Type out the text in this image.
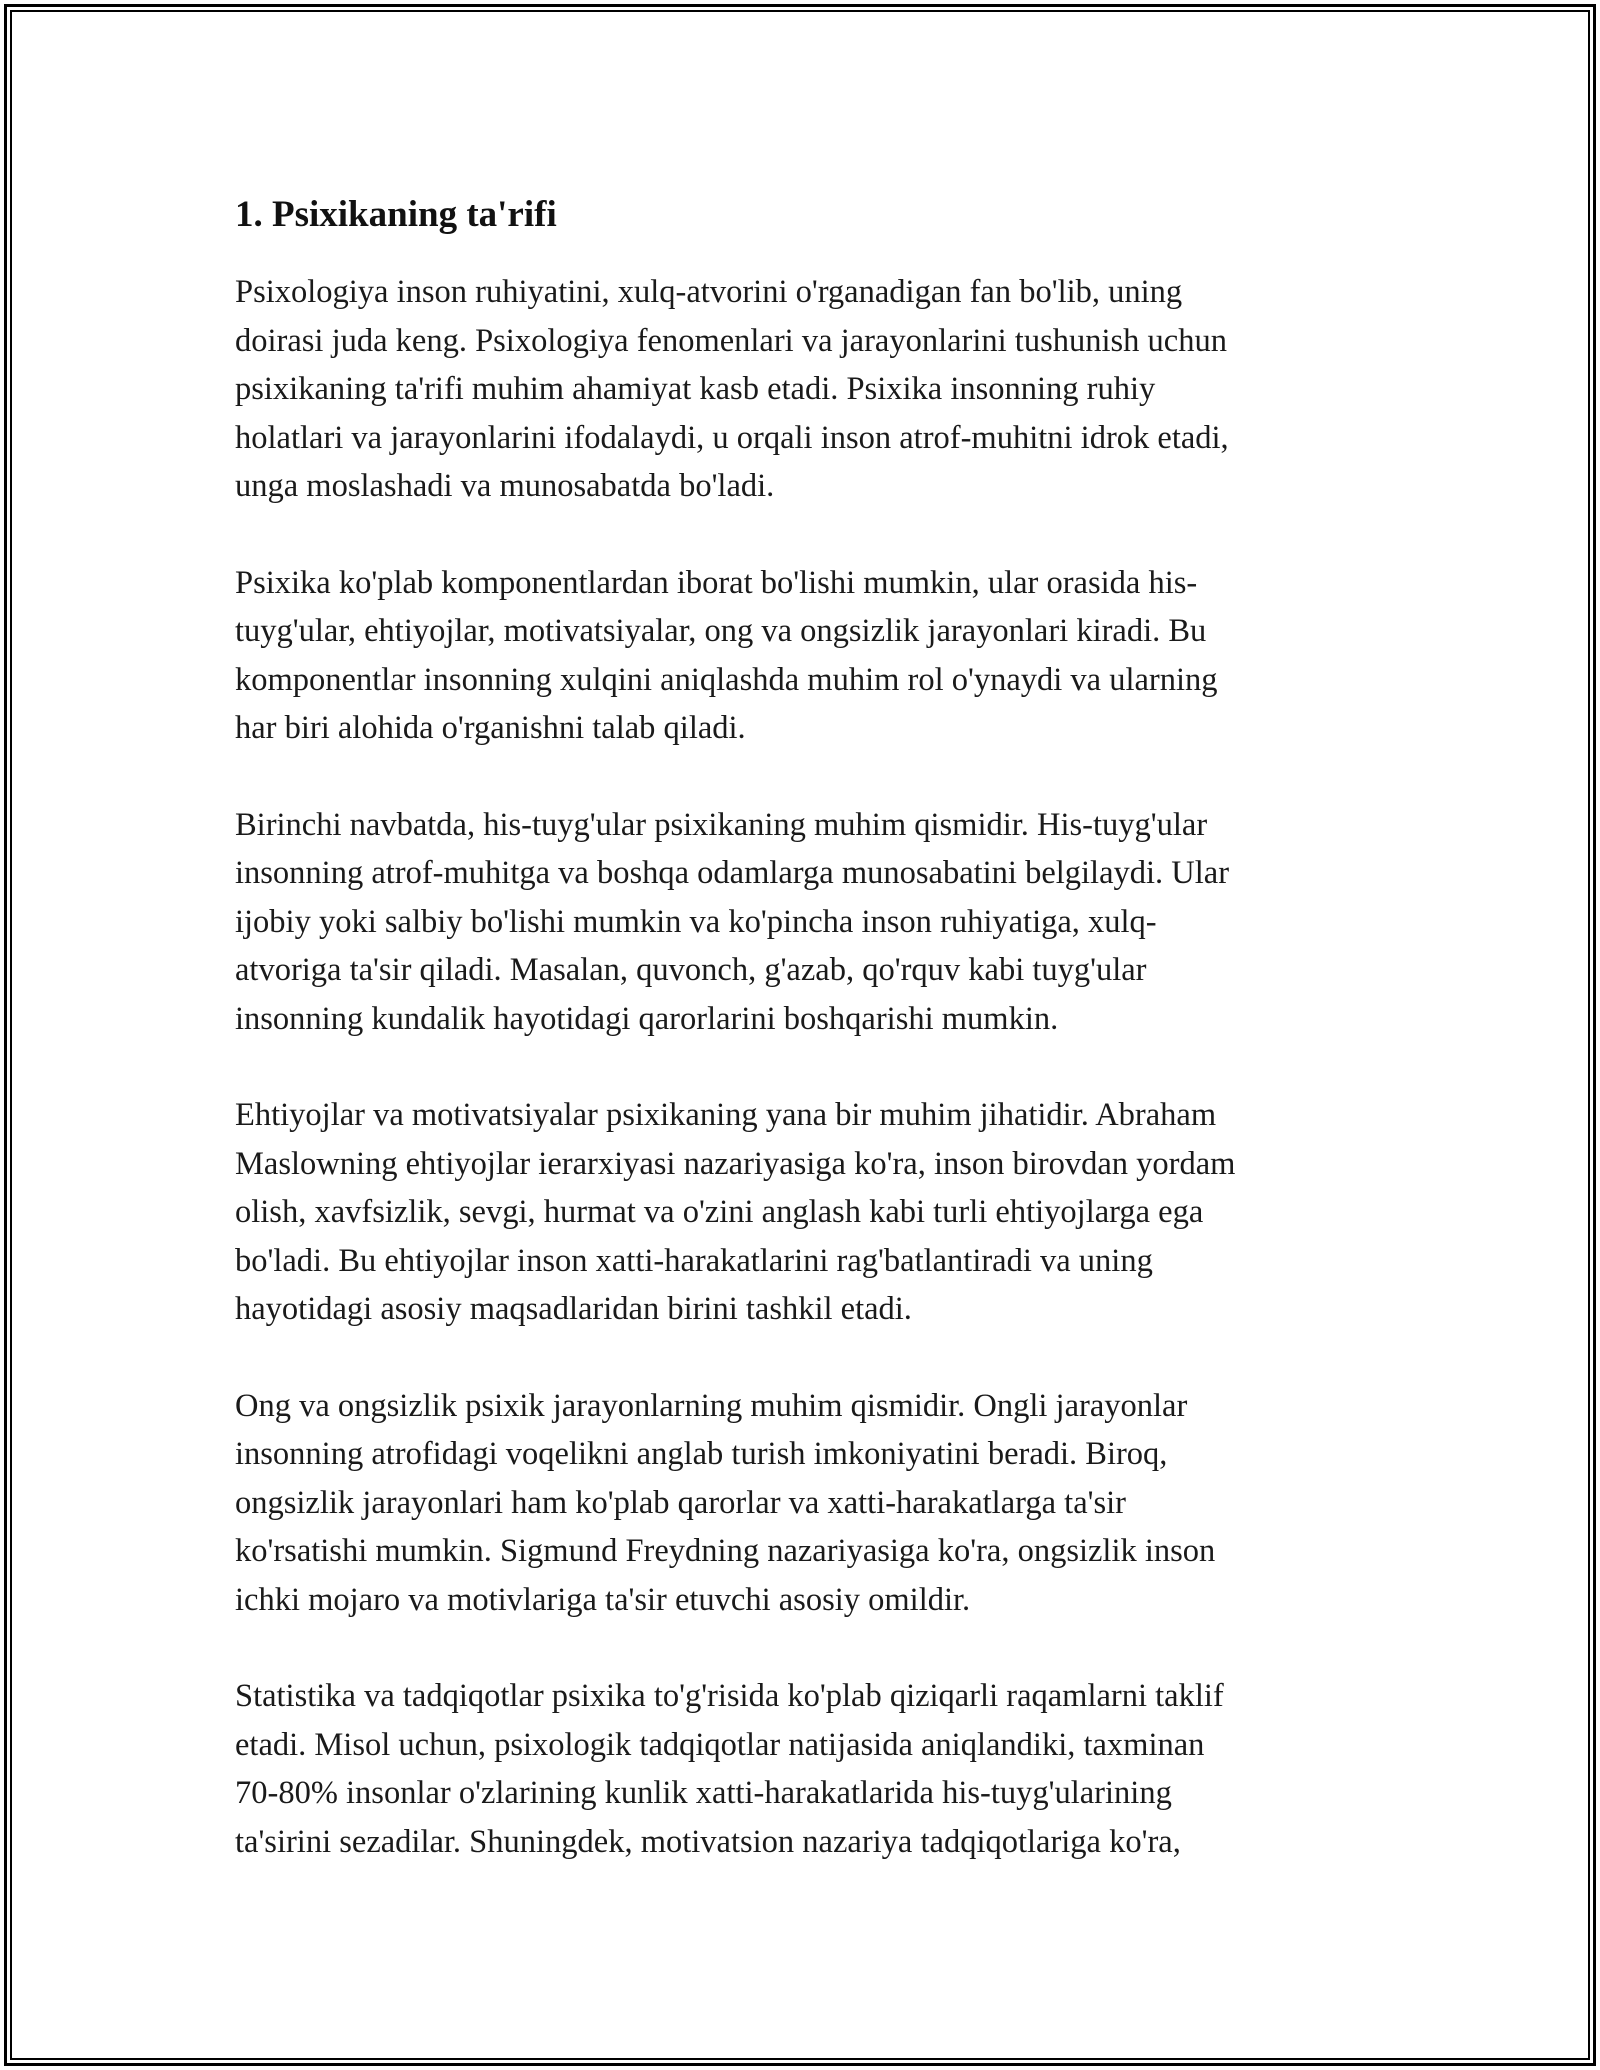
1. Psixikaning ta'rifi

Psixologiya inson ruhiyatini, xulq-atvorini o'rganadigan fan bo'lib, uning
doirasi juda keng. Psixologiya fenomenlari va jarayonlarini tushunish uchun
psixikaning ta'rifi muhim ahamiyat kasb etadi. Psixika insonning ruhiy
holatlari va jarayonlarini ifodalaydi, u orqali inson atrof-muhitni idrok etadi,
unga moslashadi va munosabatda bo'ladi.

Psixika ko'plab komponentlardan iborat bo'lishi mumkin, ular orasida his-
tuyg'ular, ehtiyojlar, motivatsiyalar, ong va ongsizlik jarayonlari kiradi. Bu
komponentlar insonning xulqini aniqlashda muhim rol o'ynaydi va ularning
har biri alohida o'rganishni talab qiladi.

Birinchi navbatda, his-tuyg'ular psixikaning muhim qismidir. His-tuyg'ular
insonning atrof-muhitga va boshqa odamlarga munosabatini belgilaydi. Ular
ijobiy yoki salbiy bo'lishi mumkin va ko'pincha inson ruhiyatiga, xulq-
atvoriga ta'sir qiladi. Masalan, quvonch, g'azab, qo'rquv kabi tuyg'ular
insonning kundalik hayotidagi qarorlarini boshqarishi mumkin.

Ehtiyojlar va motivatsiyalar psixikaning yana bir muhim jihatidir. Abraham
Maslowning ehtiyojlar ierarxiyasi nazariyasiga ko'ra, inson birovdan yordam
olish, xavfsizlik, sevgi, hurmat va o'zini anglash kabi turli ehtiyojlarga ega
bo'ladi. Bu ehtiyojlar inson xatti-harakatlarini rag'batlantiradi va uning
hayotidagi asosiy maqsadlaridan birini tashkil etadi.

Ong va ongsizlik psixik jarayonlarning muhim qismidir. Ongli jarayonlar
insonning atrofidagi voqelikni anglab turish imkoniyatini beradi. Biroq,
ongsizlik jarayonlari ham ko'plab qarorlar va xatti-harakatlarga ta'sir
ko'rsatishi mumkin. Sigmund Freydning nazariyasiga ko'ra, ongsizlik inson
ichki mojaro va motivlariga ta'sir etuvchi asosiy omildir.

Statistika va tadqiqotlar psixika to'g'risida ko'plab qiziqarli raqamlarni taklif
etadi. Misol uchun, psixologik tadqiqotlar natijasida aniqlandiki, taxminan
70-80% insonlar o'zlarining kunlik xatti-harakatlarida his-tuyg'ularining
ta'sirini sezadilar. Shuningdek, motivatsion nazariya tadqiqotlariga ko'ra,
